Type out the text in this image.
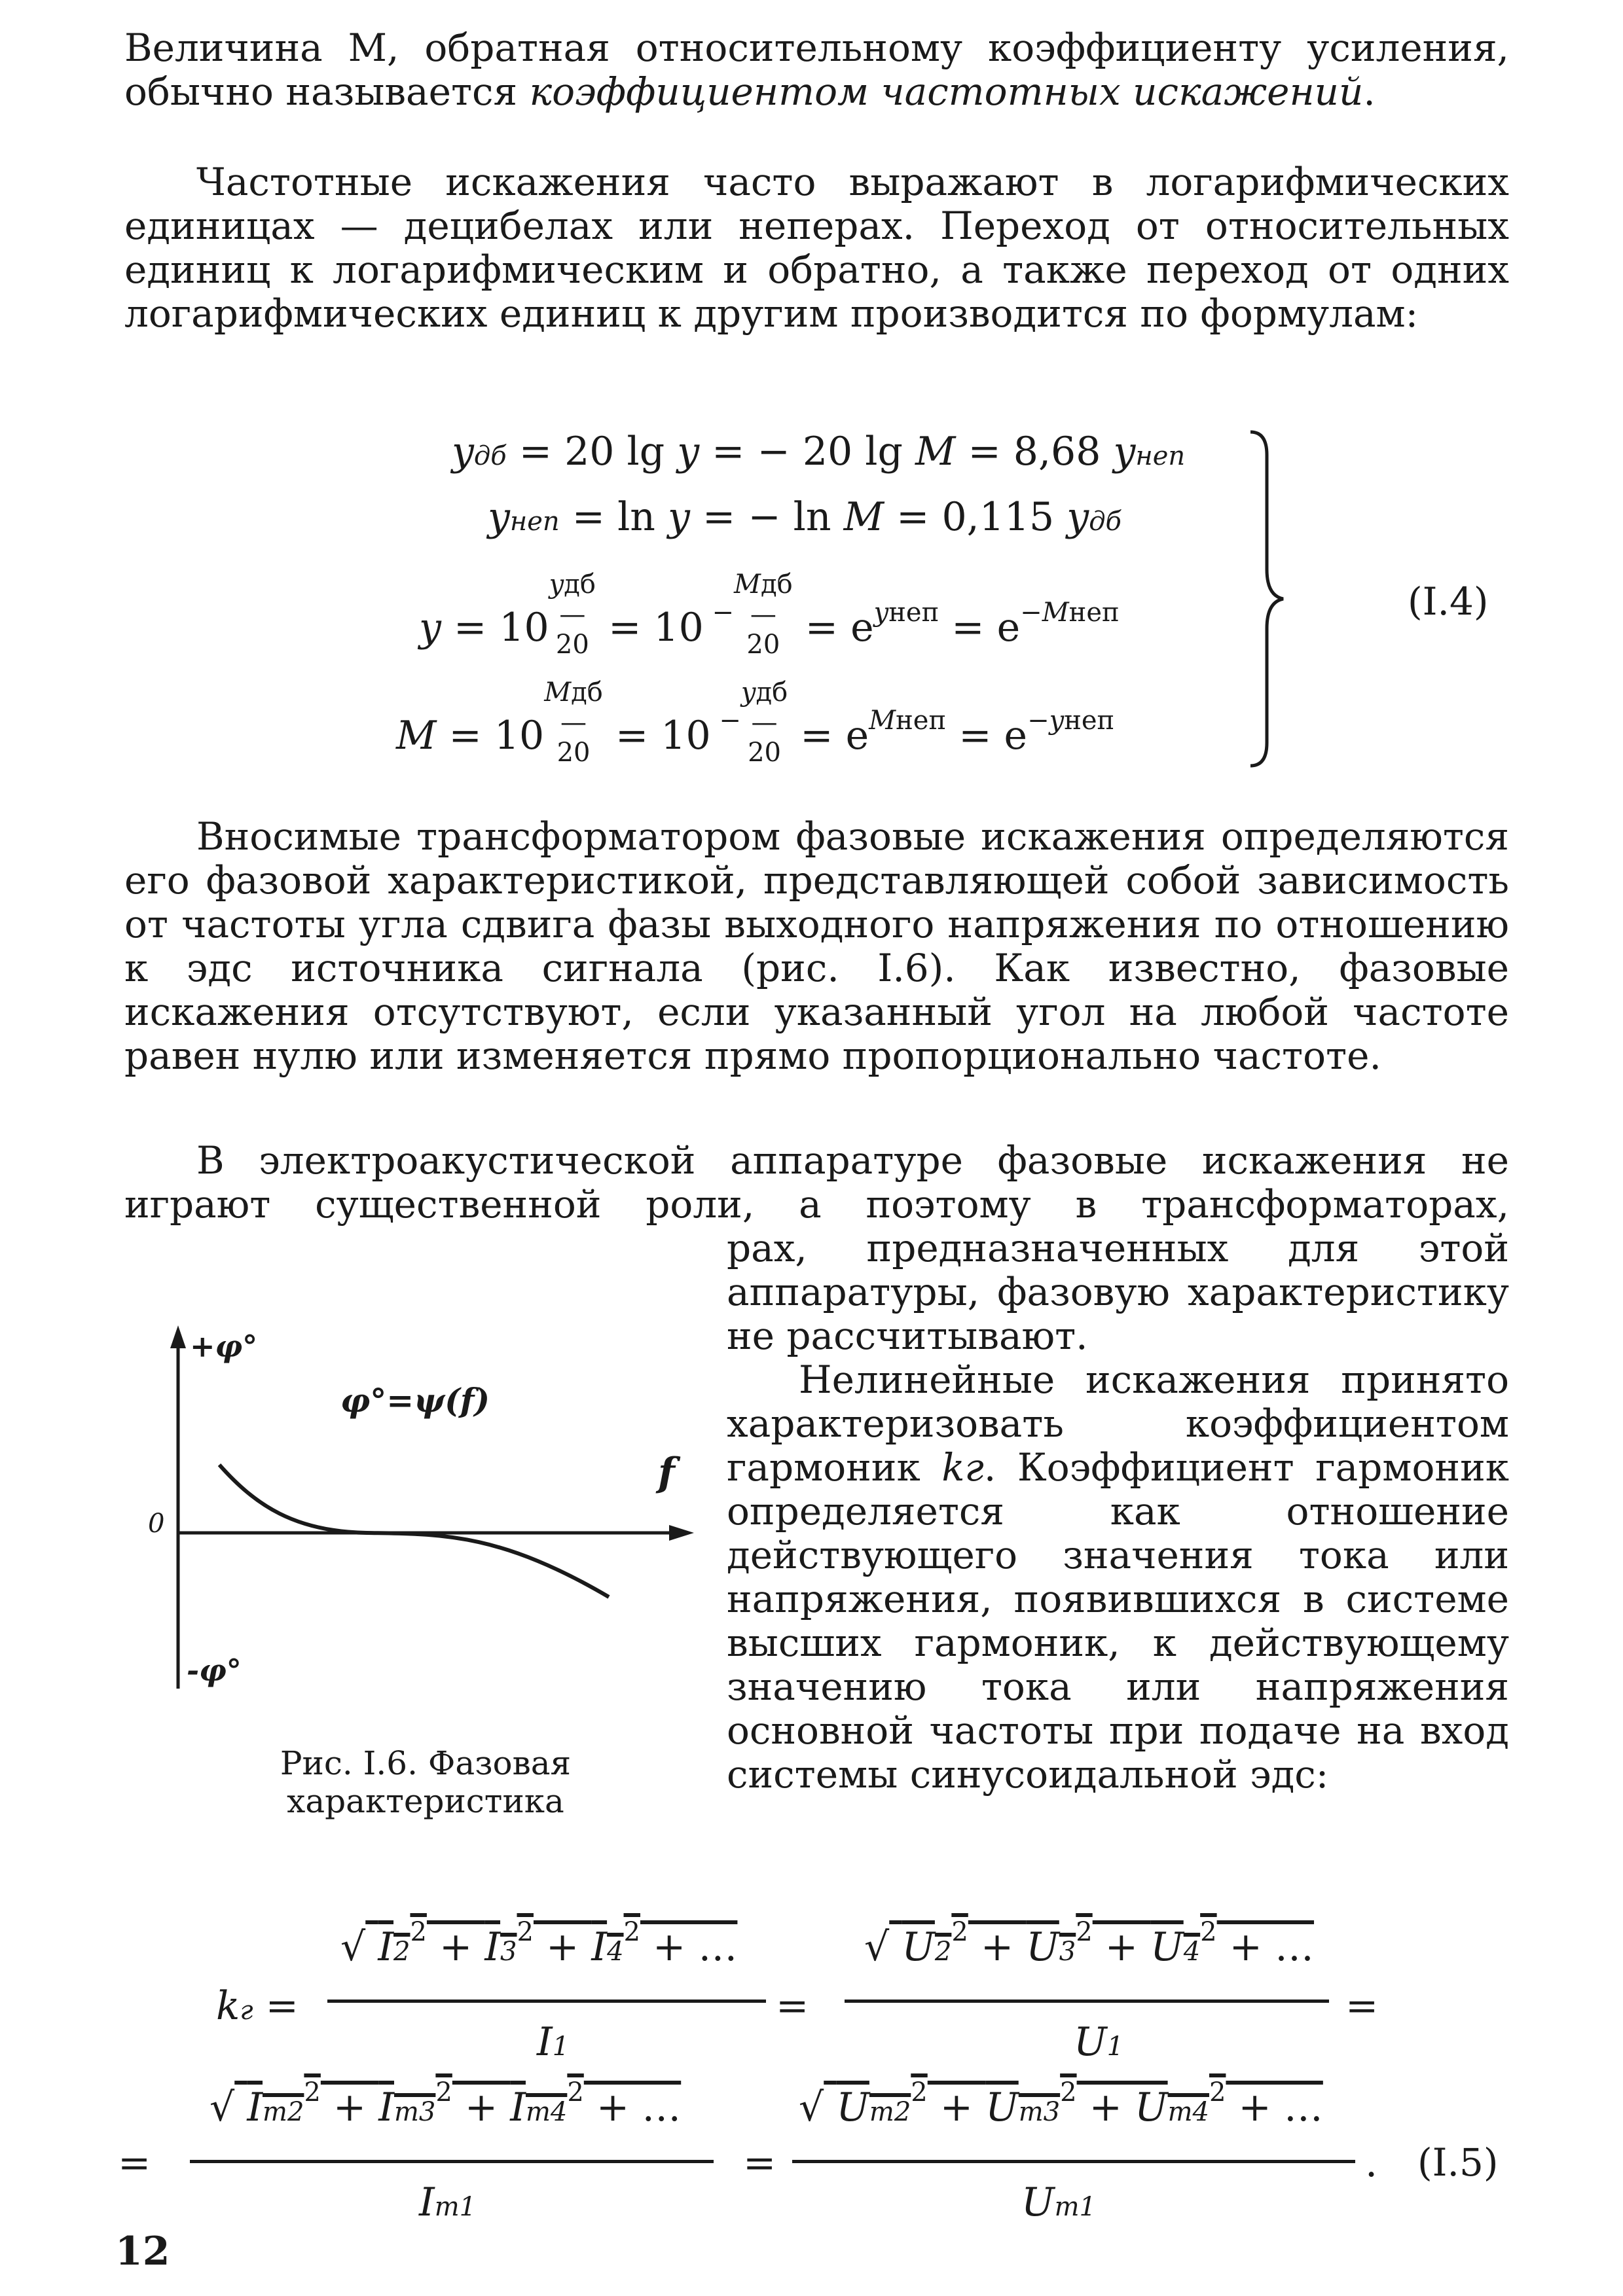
Величина M, обратная относительному коэффициенту усиления, обычно называется коэффициентом частотных искажений.
Частотные искажения часто выражают в логарифмических единицах — децибелах или неперах. Переход от относительных единиц к логарифмическим и обратно, а также переход от одних логарифмических единиц к другим производится по формулам:
yдб = 20 lg y = − 20 lg M = 8,68 yнеп
yнеп = ln y = − ln M = 0,115 yдб
$y = 10^{yдб — 20} = 10$ $^{-Mдб — 20} = e^{yнеп} = e^{-Mнеп}$
$M = 10^{Mдб — 20} = 10$ $^{-yдб — 20} = e^{Mнеп} = e^{-yнеп}$
(I.4)
Вносимые трансформатором фазовые искажения определяются его фазовой характеристикой, представляющей собой зависимость от частоты угла сдвига фазы выходного напряжения по отношению к эдс источника сигнала (рис. I.6). Как известно, фазовые искажения отсутствуют, если указанный угол на любой частоте равен нулю или изменяется прямо пропорционально частоте.
В электроакустической аппаратуре фазовые искажения не играют существенной роли, а поэтому в трансформаторах,
рах, предназначенных для этой аппаратуры, фазовую характеристику не рассчитывают.
Нелинейные искажения принято характеризовать коэффициентом гармоник kг. Коэффициент гармоник определяется как отношение действующего значения тока или напряжения, появившихся в системе высших гармоник, к действующему значению тока или напряжения основной частоты при подаче на вход системы синусоидальной эдс:
+φ°
φ°=ψ(f)
f
0
-φ°
Рис. I.6. Фазовая характеристика
kг =
√ $I2^2 + I3^2 + I4^2$ + …
I1
=
√ $U2^2 + U3^2 + U4^2$ + …
U1
=
=
√ $Im2^2 + Im3^2 + Im4^2$ + …
Im1
=
√ $Um2^2 + Um3^2 + Um4^2$ + …
Um1
. (I.5)
12
